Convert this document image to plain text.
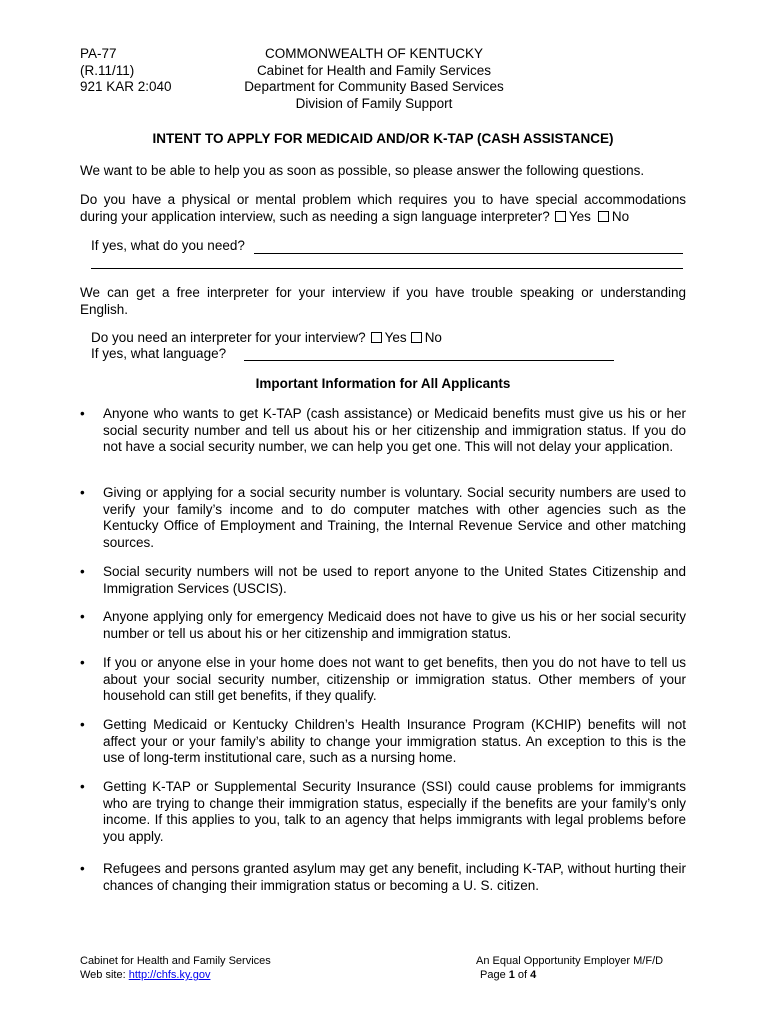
PA-77
(R.11/11)
921 KAR 2:040
COMMONWEALTH OF KENTUCKY
Cabinet for Health and Family Services
Department for Community Based Services
Division of Family Support
INTENT TO APPLY FOR MEDICAID AND/OR K-TAP (CASH ASSISTANCE)
We want to be able to help you as soon as possible, so please answer the following questions.
Do you have a physical or mental problem which requires you to have special accommodations during your application interview, such as needing a sign language interpreter? Yes No
If yes, what do you need?
We can get a free interpreter for your interview if you have trouble speaking or understanding English.
Do you need an interpreter for your interview? Yes No
If yes, what language?
Important Information for All Applicants
•	Anyone who wants to get K-TAP (cash assistance) or Medicaid benefits must give us his or her social security number and tell us about his or her citizenship and immigration status. If you do not have a social security number, we can help you get one. This will not delay your application.
•	Giving or applying for a social security number is voluntary. Social security numbers are used to verify your family’s income and to do computer matches with other agencies such as the Kentucky Office of Employment and Training, the Internal Revenue Service and other matching sources.
•	Social security numbers will not be used to report anyone to the United States Citizenship and Immigration Services (USCIS).
•	Anyone applying only for emergency Medicaid does not have to give us his or her social security number or tell us about his or her citizenship and immigration status.
•	If you or anyone else in your home does not want to get benefits, then you do not have to tell us about your social security number, citizenship or immigration status. Other members of your household can still get benefits, if they qualify.
•	Getting Medicaid or Kentucky Children’s Health Insurance Program (KCHIP) benefits will not affect your or your family’s ability to change your immigration status. An exception to this is the use of long-term institutional care, such as a nursing home.
•	Getting K-TAP or Supplemental Security Insurance (SSI) could cause problems for immigrants who are trying to change their immigration status, especially if the benefits are your family’s only income. If this applies to you, talk to an agency that helps immigrants with legal problems before you apply.
•	Refugees and persons granted asylum may get any benefit, including K-TAP, without hurting their chances of changing their immigration status or becoming a U. S. citizen.
Cabinet for Health and Family Services
Web site: http://chfs.ky.gov
An Equal Opportunity Employer M/F/D
Page 1 of 4
